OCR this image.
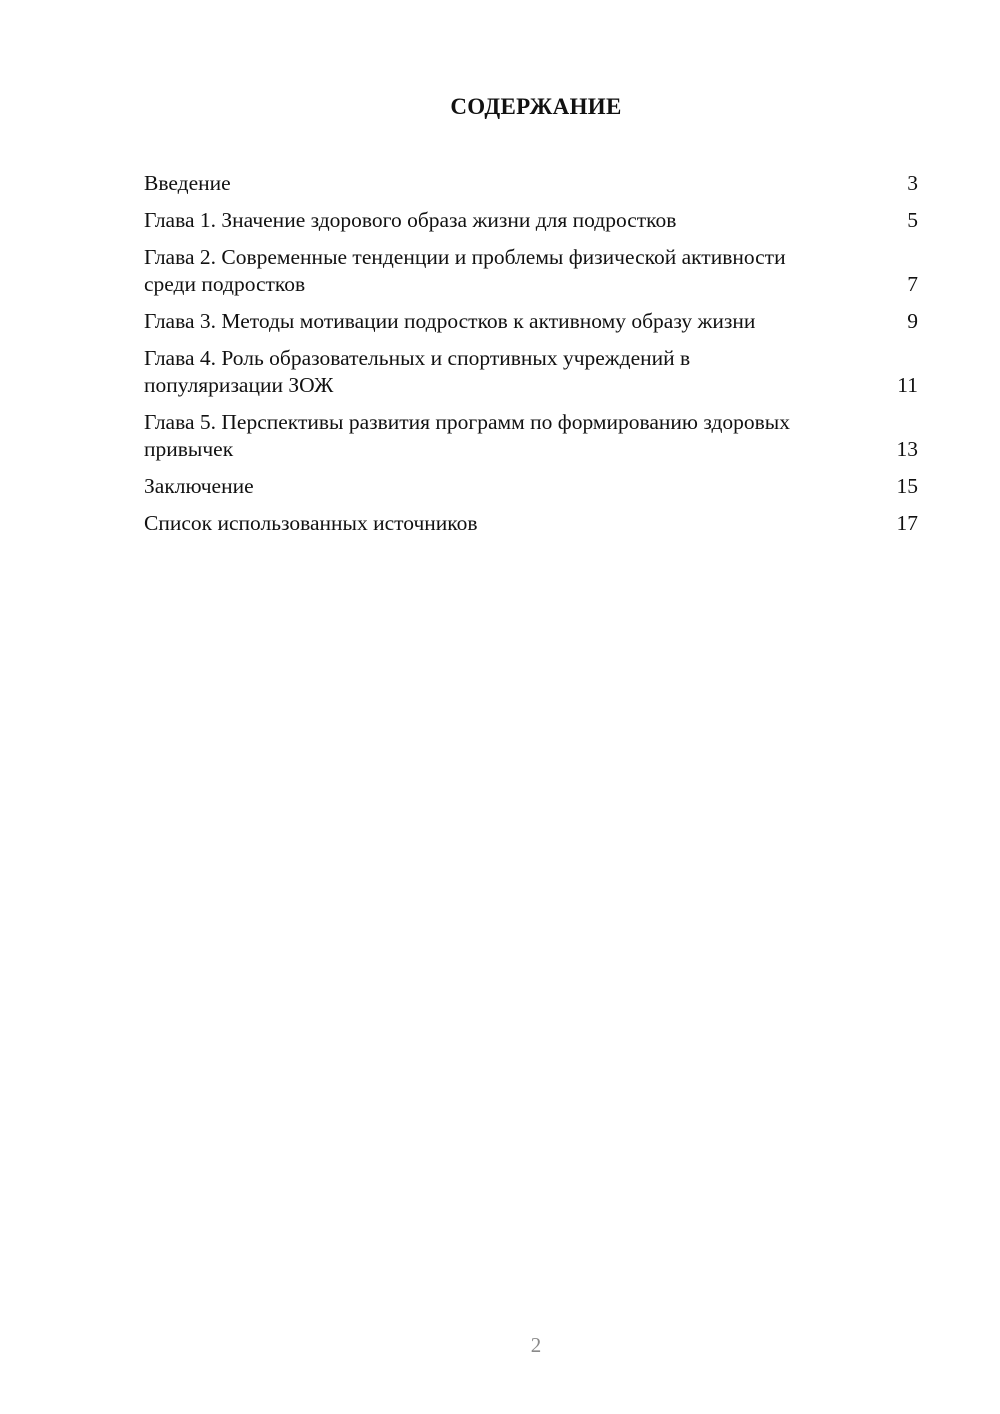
СОДЕРЖАНИЕ
Введение	3
Глава 1. Значение здорового образа жизни для подростков	5
Глава 2. Современные тенденции и проблемы физической активности среди подростков	7
Глава 3. Методы мотивации подростков к активному образу жизни	9
Глава 4. Роль образовательных и спортивных учреждений в популяризации ЗОЖ	11
Глава 5. Перспективы развития программ по формированию здоровых привычек	13
Заключение	15
Список использованных источников	17
2
